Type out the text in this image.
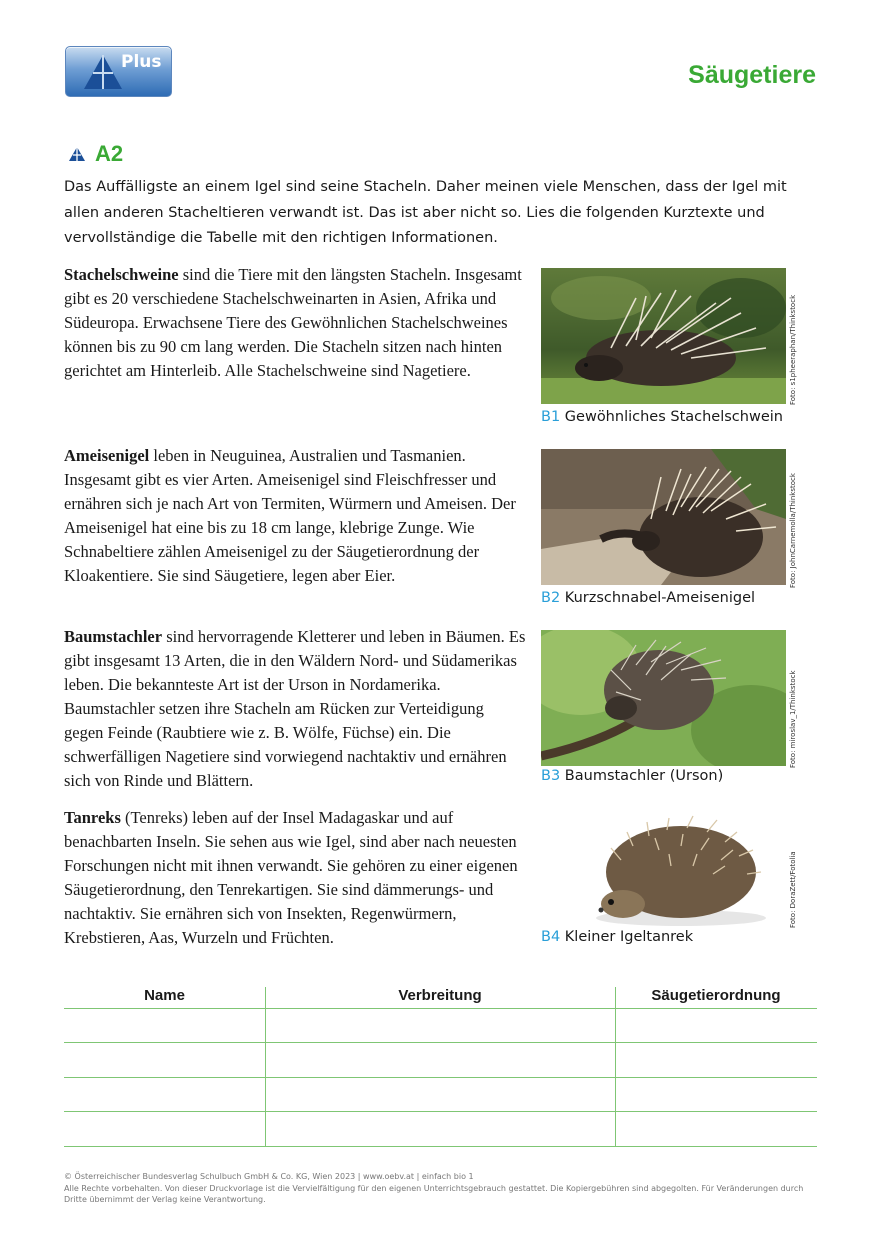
Plus	Säugetiere
A2

Das Auffälligste an einem Igel sind seine Stacheln. Daher meinen viele Menschen, dass der Igel mit allen anderen Stacheltieren verwandt ist. Das ist aber nicht so. Lies die folgenden Kurztexte und vervollständige die Tabelle mit den richtigen Informationen.

Stachelschweine sind die Tiere mit den längsten Stacheln. Insgesamt gibt es 20 verschiedene Stachelschweinarten in Asien, Afrika und Südeuropa. Erwachsene Tiere des Gewöhnlichen Stachelschweines können bis zu 90 cm lang werden. Die Stacheln sitzen nach hinten gerichtet am Hinterleib. Alle Stachelschweine sind Nagetiere.

Ameisenigel leben in Neuguinea, Australien und Tasmanien. Insgesamt gibt es vier Arten. Ameisenigel sind Fleischfresser und ernähren sich je nach Art von Termiten, Würmern und Ameisen. Der Ameisenigel hat eine bis zu 18 cm lange, klebrige Zunge. Wie Schnabeltiere zählen Ameisenigel zu der Säugetierordnung der Kloakentiere. Sie sind Säugetiere, legen aber Eier.

Baumstachler sind hervorragende Kletterer und leben in Bäumen. Es gibt insgesamt 13 Arten, die in den Wäldern Nord- und Südamerikas leben. Die bekannteste Art ist der Urson in Nordamerika. Baumstachler setzen ihre Stacheln am Rücken zur Verteidigung gegen Feinde (Raubtiere wie z. B. Wölfe, Füchse) ein. Die schwerfälligen Nagetiere sind vorwiegend nachtaktiv und ernähren sich von Rinde und Blättern.

Tanreks (Tenreks) leben auf der Insel Madagaskar und auf benachbarten Inseln. Sie sehen aus wie Igel, sind aber nach neuesten Forschungen nicht mit ihnen verwandt. Sie gehören zu einer eigenen Säugetierordnung, den Tenrekartigen. Sie sind dämmerungs- und nachtaktiv. Sie ernähren sich von Insekten, Regenwürmern, Krebstieren, Aas, Wurzeln und Früchten.

Foto: s1pheeraphan/Thinkstock
B1 Gewöhnliches Stachelschwein
Foto: JohnCarnemolla/Thinkstock
B2 Kurzschnabel-Ameisenigel
Foto: miroslav_1/Thinkstock
B3 Baumstachler (Urson)
Foto: DoraZett/Fotolia
B4 Kleiner Igeltanrek
Name	Verbreitung	Säugetierordnung
© Österreichischer Bundesverlag Schulbuch GmbH & Co. KG, Wien 2023 | www.oebv.at | einfach bio 1
Alle Rechte vorbehalten. Von dieser Druckvorlage ist die Vervielfältigung für den eigenen Unterrichtsgebrauch gestattet. Die Kopiergebühren sind abgegolten. Für Veränderungen durch Dritte übernimmt der Verlag keine Verantwortung.
